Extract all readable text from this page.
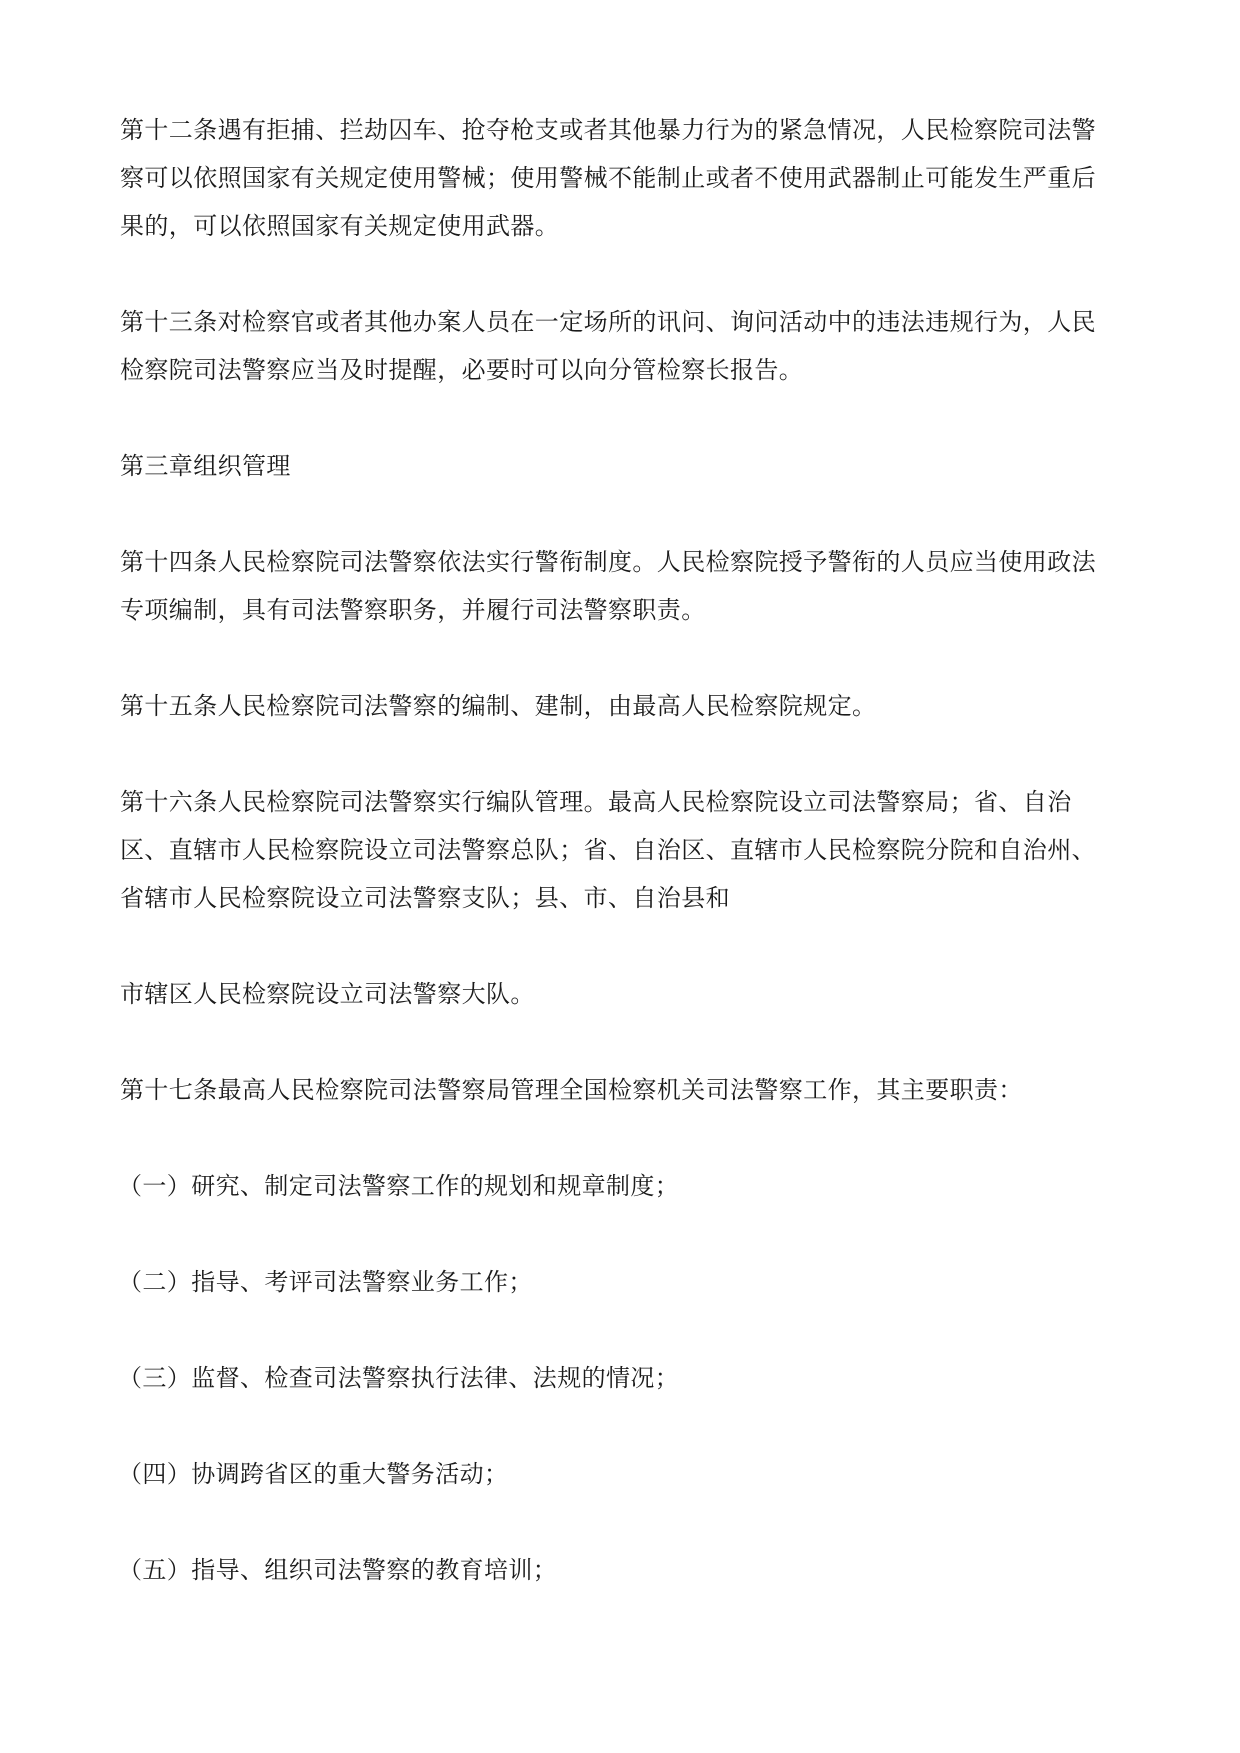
第十二条遇有拒捕、拦劫囚车、抢夺枪支或者其他暴力行为的紧急情况，人民检察院司法警察可以依照国家有关规定使用警械；使用警械不能制止或者不使用武器制止可能发生严重后果的，可以依照国家有关规定使用武器。

第十三条对检察官或者其他办案人员在一定场所的讯问、询问活动中的违法违规行为，人民检察院司法警察应当及时提醒，必要时可以向分管检察长报告。

第三章组织管理

第十四条人民检察院司法警察依法实行警衔制度。人民检察院授予警衔的人员应当使用政法专项编制，具有司法警察职务，并履行司法警察职责。

第十五条人民检察院司法警察的编制、建制，由最高人民检察院规定。

第十六条人民检察院司法警察实行编队管理。最高人民检察院设立司法警察局；省、自治区、直辖市人民检察院设立司法警察总队；省、自治区、直辖市人民检察院分院和自治州、省辖市人民检察院设立司法警察支队；县、市、自治县和

市辖区人民检察院设立司法警察大队。

第十七条最高人民检察院司法警察局管理全国检察机关司法警察工作，其主要职责：

（一）研究、制定司法警察工作的规划和规章制度；

（二）指导、考评司法警察业务工作；

（三）监督、检查司法警察执行法律、法规的情况；

（四）协调跨省区的重大警务活动；

（五）指导、组织司法警察的教育培训；
